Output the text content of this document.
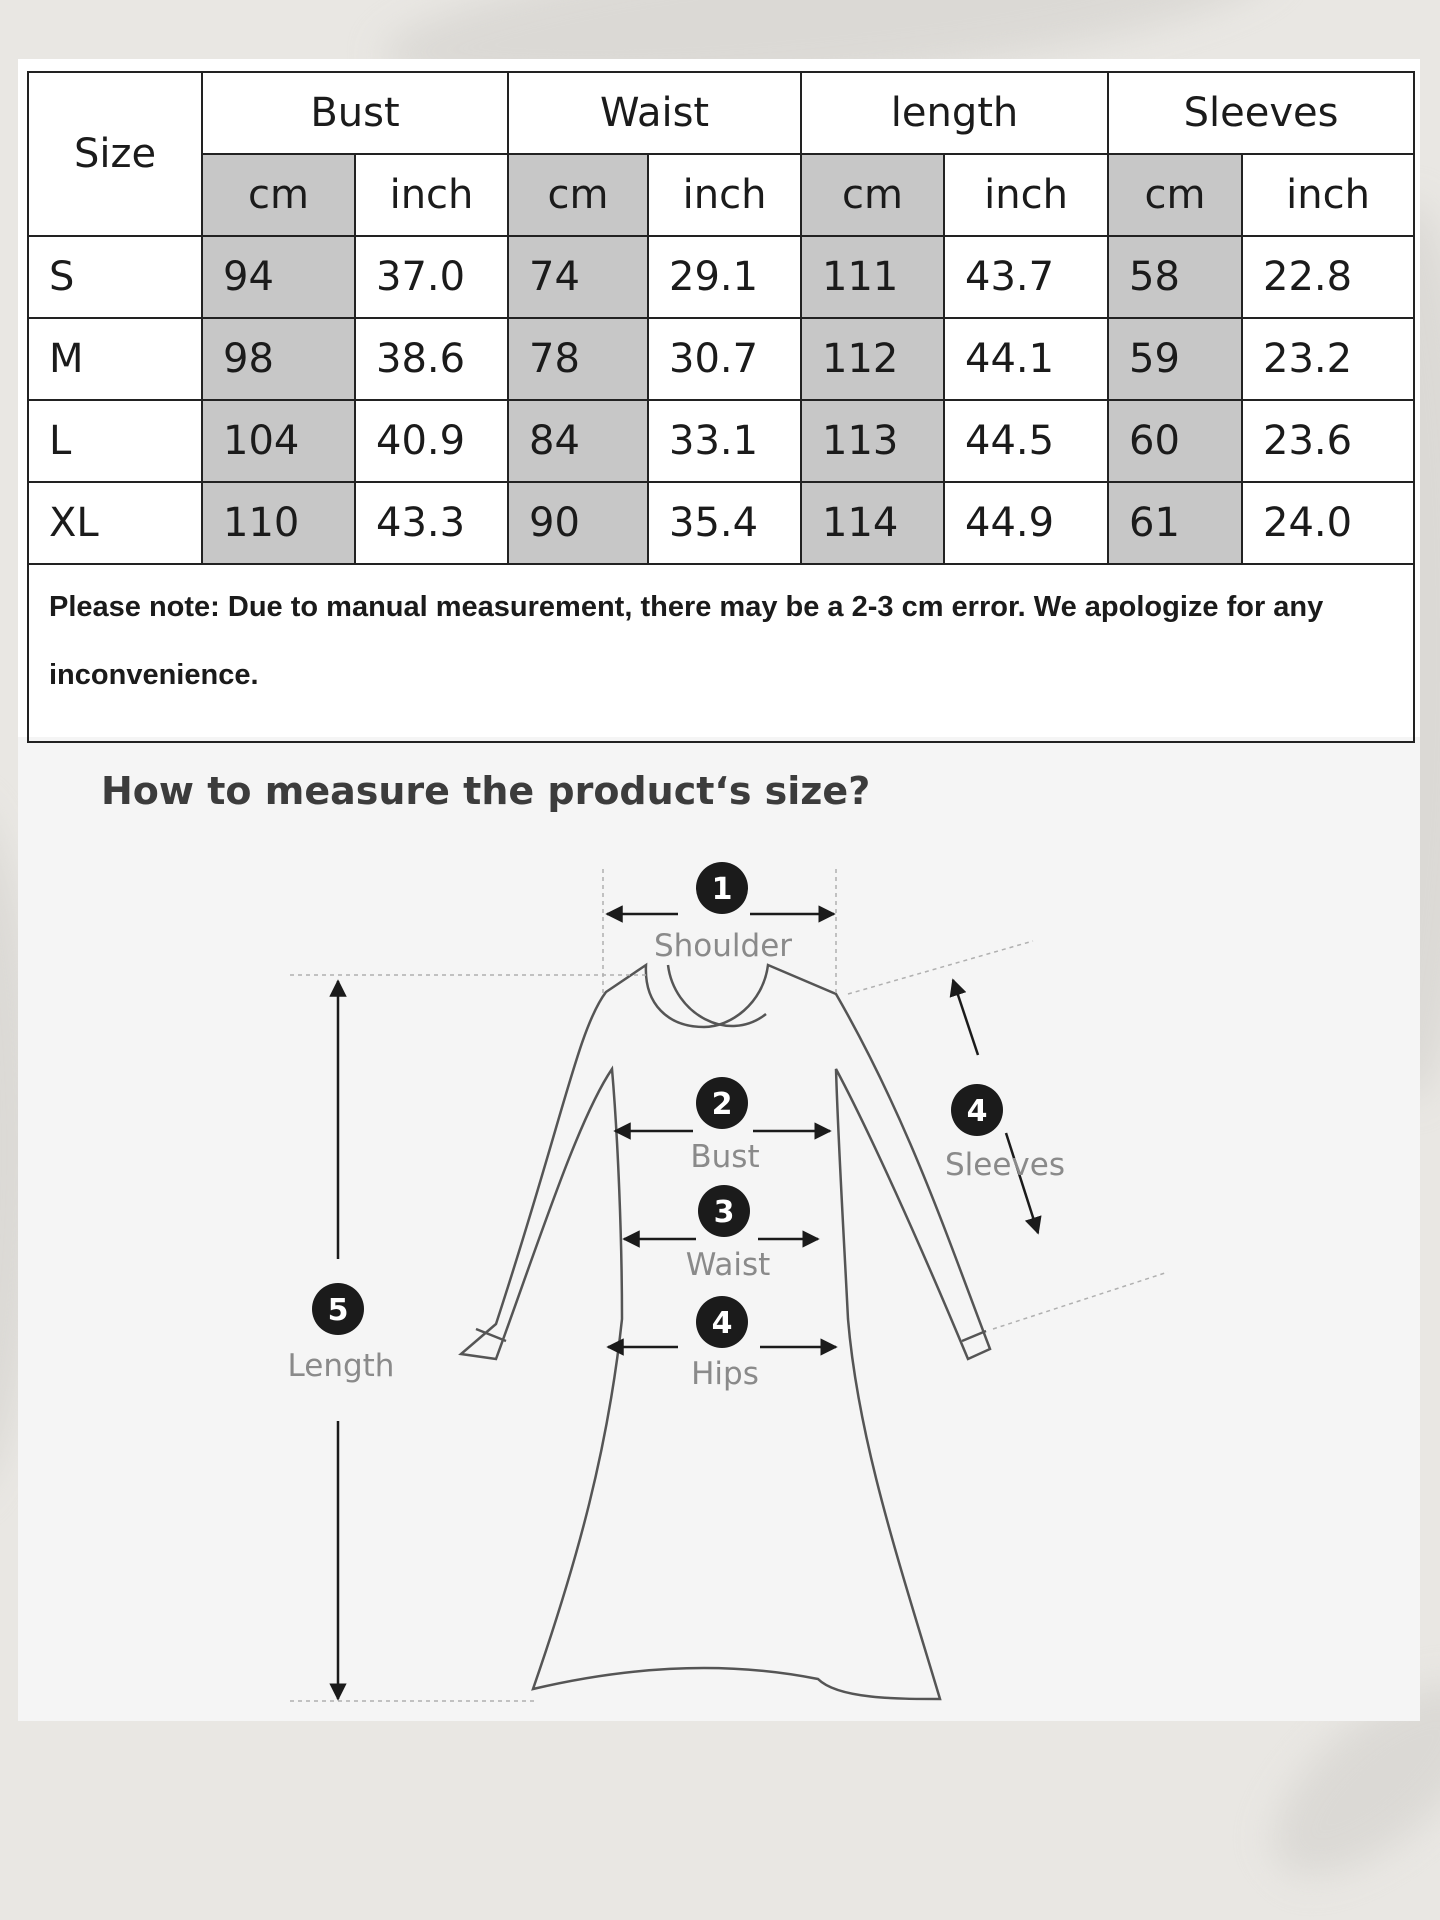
Size	Bust		Waist		length		Sleeves	
	cm	inch	cm	inch	cm	inch	cm	inch
S	94	37.0	74	29.1	111	43.7	58	22.8
M	98	38.6	78	30.7	112	44.1	59	23.2
L	104	40.9	84	33.1	113	44.5	60	23.6
XL	110	43.3	90	35.4	114	44.9	61	24.0
Please note: Due to manual measurement, there may be a 2-3 cm error. We apologize for any inconvenience.								
How to measure the product‘s size?
1
2
3
4
4
5
Shoulder
Bust
Waist
Hips
Sleeves
Length
